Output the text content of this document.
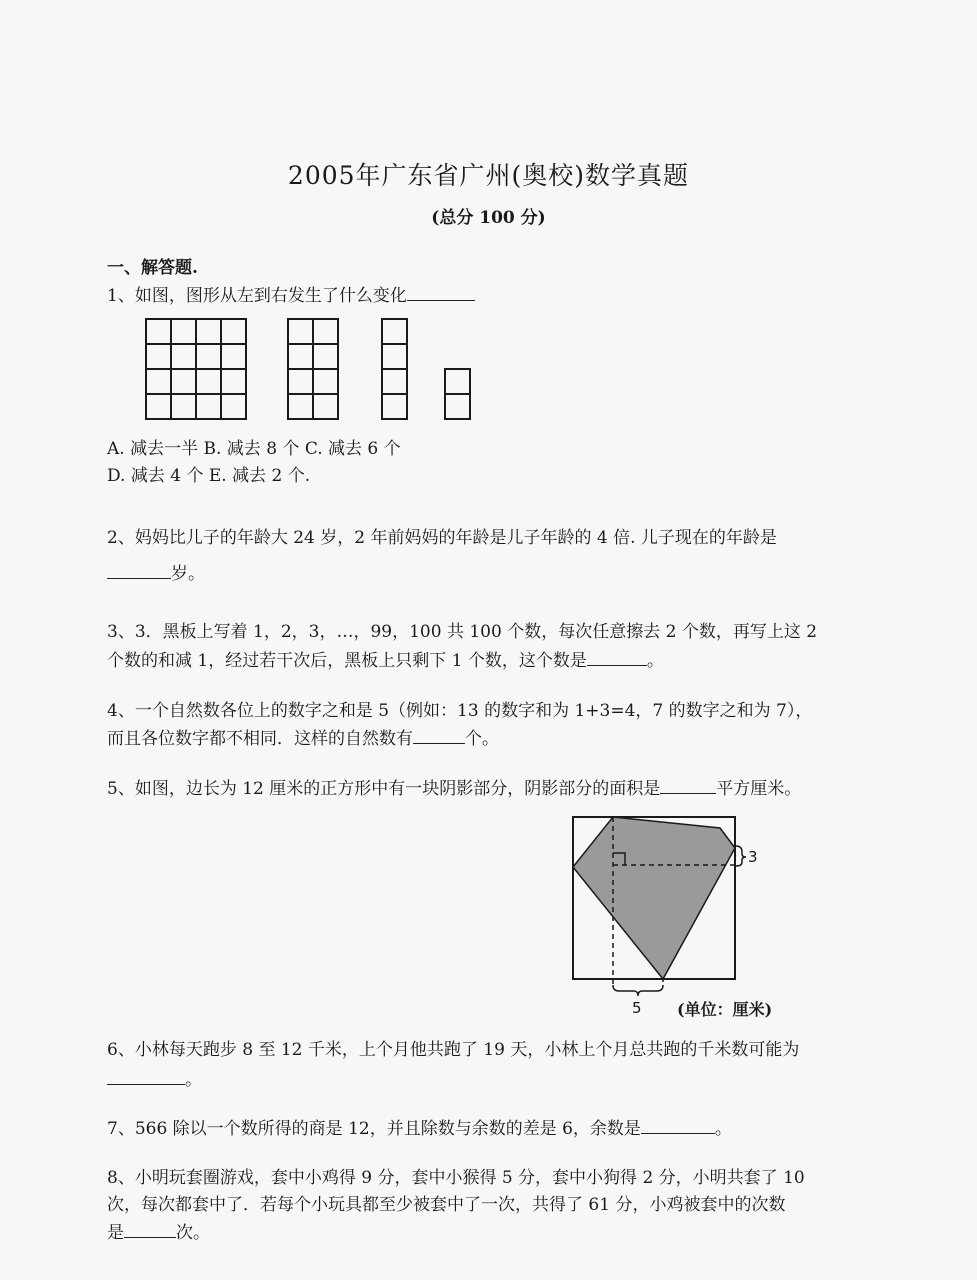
2005年广东省广州(奥校)数学真题
(总分 100 分)
一、解答题.
1、如图，图形从左到右发生了什么变化
3
5 (单位：厘米)
A. 减去一半 B. 减去 8 个 C. 减去 6 个
D. 减去 4 个 E. 减去 2 个.
2、妈妈比儿子的年龄大 24 岁，2 年前妈妈的年龄是儿子年龄的 4 倍. 儿子现在的年龄是
岁。
3、3．黑板上写着 1，2，3，…，99，100 共 100 个数，每次任意擦去 2 个数，再写上这 2
个数的和减 1，经过若干次后，黑板上只剩下 1 个数，这个数是	。
4、一个自然数各位上的数字之和是 5（例如：13 的数字和为 1+3=4，7 的数字之和为 7），
而且各位数字都不相同．这样的自然数有	个。
5、如图，边长为 12 厘米的正方形中有一块阴影部分，阴影部分的面积是	平方厘米。
6、小林每天跑步 8 至 12 千米，上个月他共跑了 19 天，小林上个月总共跑的千米数可能为
。
7、566 除以一个数所得的商是 12，并且除数与余数的差是 6，余数是	。
8、小明玩套圈游戏，套中小鸡得 9 分，套中小猴得 5 分，套中小狗得 2 分，小明共套了 10
次，每次都套中了．若每个小玩具都至少被套中了一次，共得了 61 分，小鸡被套中的次数
是	次。
